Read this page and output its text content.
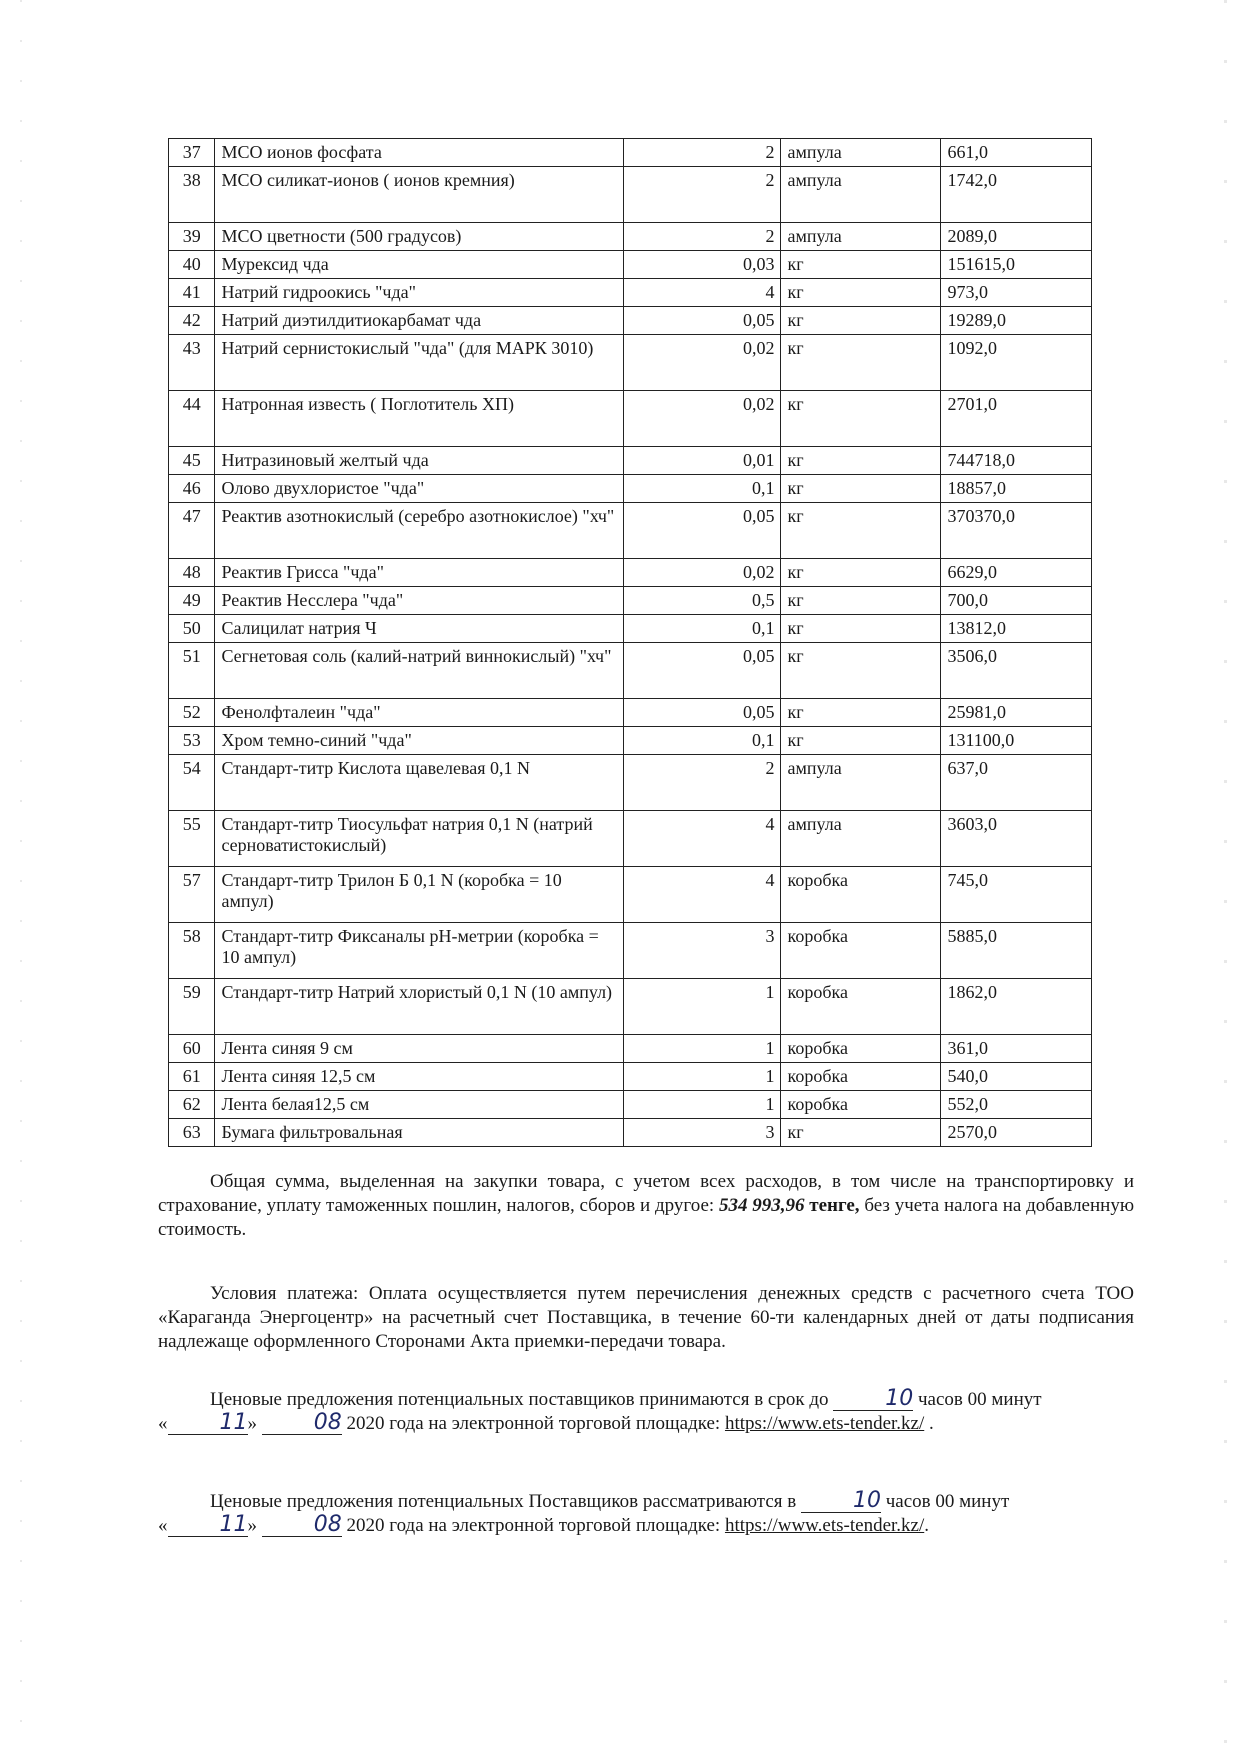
37	МСО ионов фосфата	2	ампула	661,0
38	МСО силикат-ионов ( ионов кремния)	2	ампула	1742,0
39	МСО цветности (500 градусов)	2	ампула	2089,0
40	Мурексид чда	0,03	кг	151615,0
41	Натрий гидроокись "чда"	4	кг	973,0
42	Натрий диэтилдитиокарбамат чда	0,05	кг	19289,0
43	Натрий сернистокислый "чда" (для МАРК 3010)	0,02	кг	1092,0
44	Натронная известь ( Поглотитель ХП)	0,02	кг	2701,0
45	Нитразиновый желтый чда	0,01	кг	744718,0
46	Олово двухлористое "чда"	0,1	кг	18857,0
47	Реактив азотнокислый (серебро азотнокислое) "хч"	0,05	кг	370370,0
48	Реактив Грисса "чда"	0,02	кг	6629,0
49	Реактив Несслера "чда"	0,5	кг	700,0
50	Салицилат натрия Ч	0,1	кг	13812,0
51	Сегнетовая соль (калий-натрий виннокислый) "хч"	0,05	кг	3506,0
52	Фенолфталеин "чда"	0,05	кг	25981,0
53	Хром темно-синий "чда"	0,1	кг	131100,0
54	Стандарт-титр Кислота щавелевая 0,1 N	2	ампула	637,0
55	Стандарт-титр Тиосульфат натрия 0,1 N (натрий серноватистокислый)	4	ампула	3603,0
57	Стандарт-титр Трилон Б 0,1 N (коробка = 10 ампул)	4	коробка	745,0
58	Стандарт-титр Фиксаналы рН-метрии (коробка = 10 ампул)	3	коробка	5885,0
59	Стандарт-титр Натрий хлористый 0,1 N (10 ампул)	1	коробка	1862,0
60	Лента синяя 9 см	1	коробка	361,0
61	Лента синяя 12,5 см	1	коробка	540,0
62	Лента белая12,5 см	1	коробка	552,0
63	Бумага фильтровальная	3	кг	2570,0
Общая сумма, выделенная на закупки товара, с учетом всех расходов, в том числе на транспортировку и страхование, уплату таможенных пошлин, налогов, сборов и другое: 534 993,96 тенге, без учета налога на добавленную стоимость.
Условия платежа: Оплата осуществляется путем перечисления денежных средств с расчетного счета ТОО «Караганда Энергоцентр» на расчетный счет Поставщика, в течение 60-ти календарных дней от даты подписания надлежаще оформленного Сторонами Акта приемки-передачи товара.
Ценовые предложения потенциальных поставщиков принимаются в срок до	10 часов 00 минут
« 11»	08 2020 года на электронной торговой площадке: https://www.ets-tender.kz/ .
Ценовые предложения потенциальных Поставщиков рассматриваются в	10 часов 00 минут
« 11»	08 2020 года на электронной торговой площадке: https://www.ets-tender.kz/.
